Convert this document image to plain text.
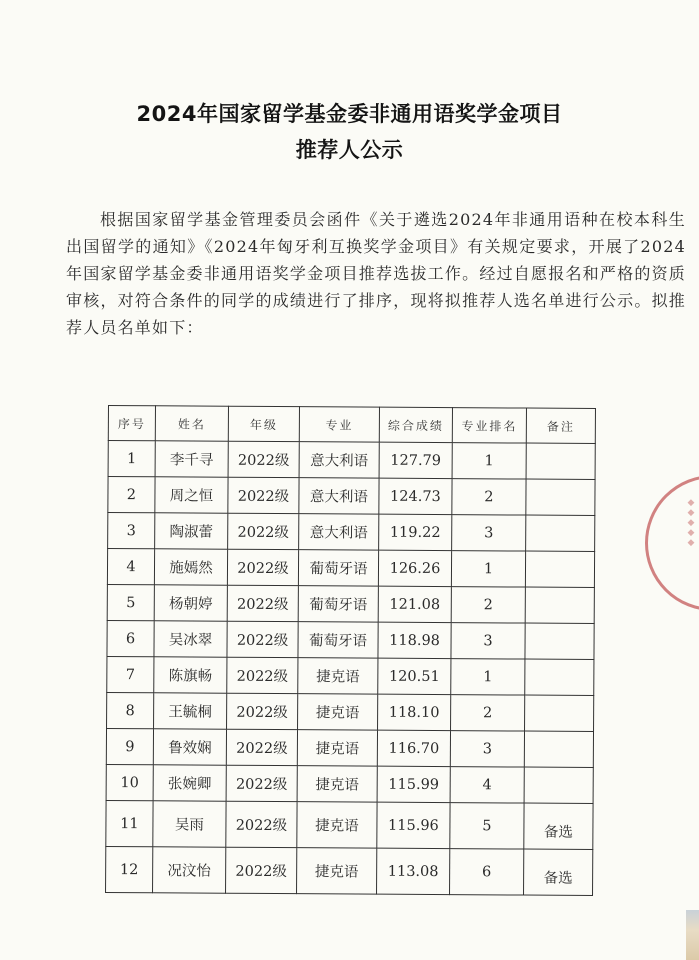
2024年国家留学基金委非通用语奖学金项目
推荐人公示

根据国家留学基金管理委员会函件《关于遴选2024年非通用语种在校本科生出国留学的通知》《2024年匈牙利互换奖学金项目》有关规定要求，开展了2024年国家留学基金委非通用语奖学金项目推荐选拔工作。经过自愿报名和严格的资质审核，对符合条件的同学的成绩进行了排序，现将拟推荐人选名单进行公示。拟推荐人员名单如下：

序号	姓名	年级	专业	综合成绩	专业排名	备注
1	李千寻	2022级	意大利语	127.79	1	
2	周之恒	2022级	意大利语	124.73	2	
3	陶淑蕾	2022级	意大利语	119.22	3	
4	施嫣然	2022级	葡萄牙语	126.26	1	
5	杨朝婷	2022级	葡萄牙语	121.08	2	
6	吴冰翠	2022级	葡萄牙语	118.98	3	
7	陈旗畅	2022级	捷克语	120.51	1	
8	王毓桐	2022级	捷克语	118.10	2	
9	鲁效娴	2022级	捷克语	116.70	3	
10	张婉卿	2022级	捷克语	115.99	4	
11	吴雨	2022级	捷克语	115.96	5	备选
12	况汶怡	2022级	捷克语	113.08	6	备选
◆◆◆◆◆
